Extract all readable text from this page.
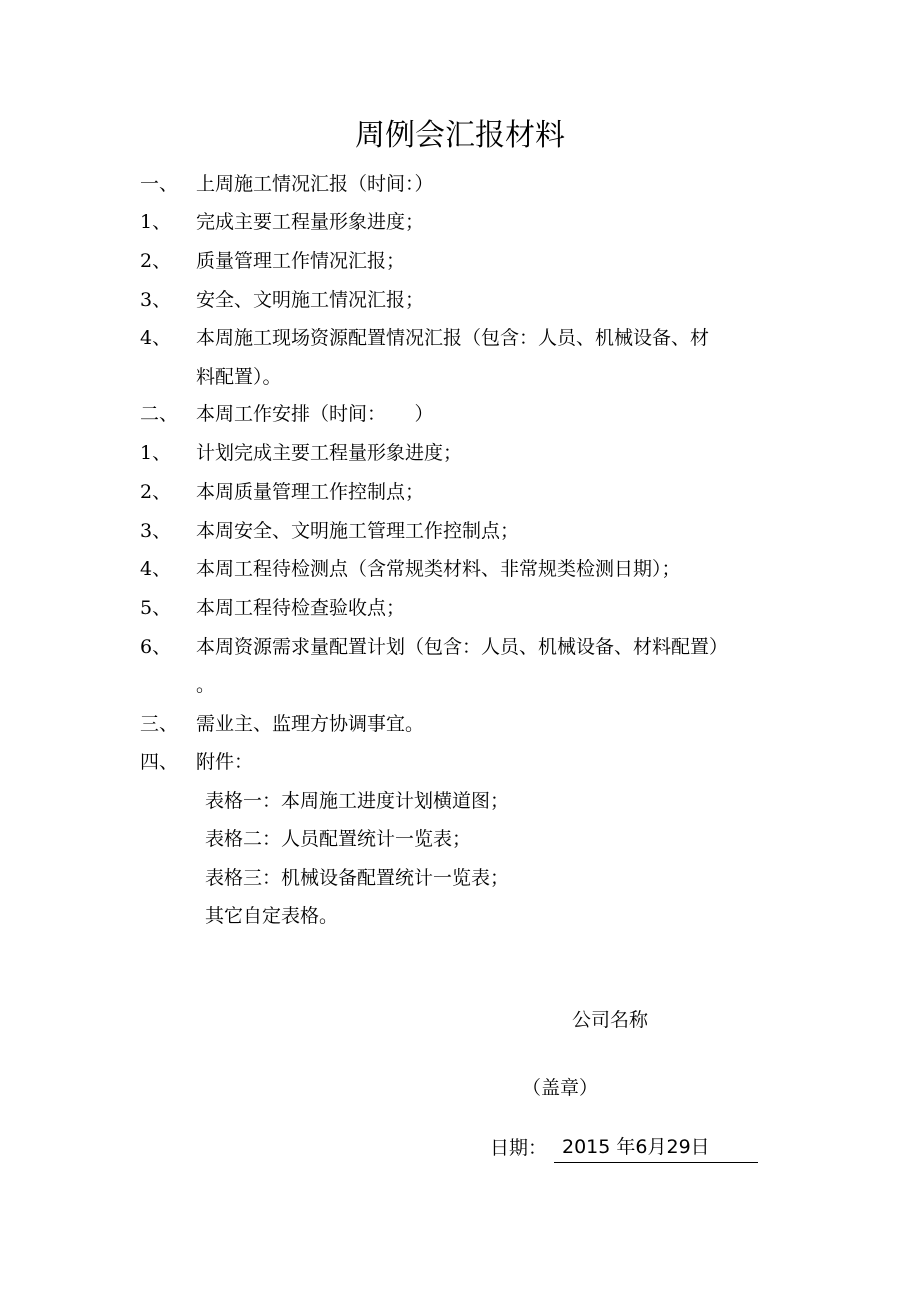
周例会汇报材料
一、 上周施工情况汇报（时间：）
1、 完成主要工程量形象进度；
2、 质量管理工作情况汇报；
3、 安全、文明施工情况汇报；
4、 本周施工现场资源配置情况汇报（包含：人员、机械设备、材
料配置）。
二、 本周工作安排（时间：　　）
1、 计划完成主要工程量形象进度；
2、 本周质量管理工作控制点；
3、 本周安全、文明施工管理工作控制点；
4、 本周工程待检测点（含常规类材料、非常规类检测日期）；
5、 本周工程待检查验收点；
6、 本周资源需求量配置计划（包含：人员、机械设备、材料配置）
。
三、 需业主、监理方协调事宜。
四、 附件：
表格一：本周施工进度计划横道图；
表格二：人员配置统计一览表；
表格三：机械设备配置统计一览表；
其它自定表格。
公司名称
（盖章）
日期： 2015 年6月29日
